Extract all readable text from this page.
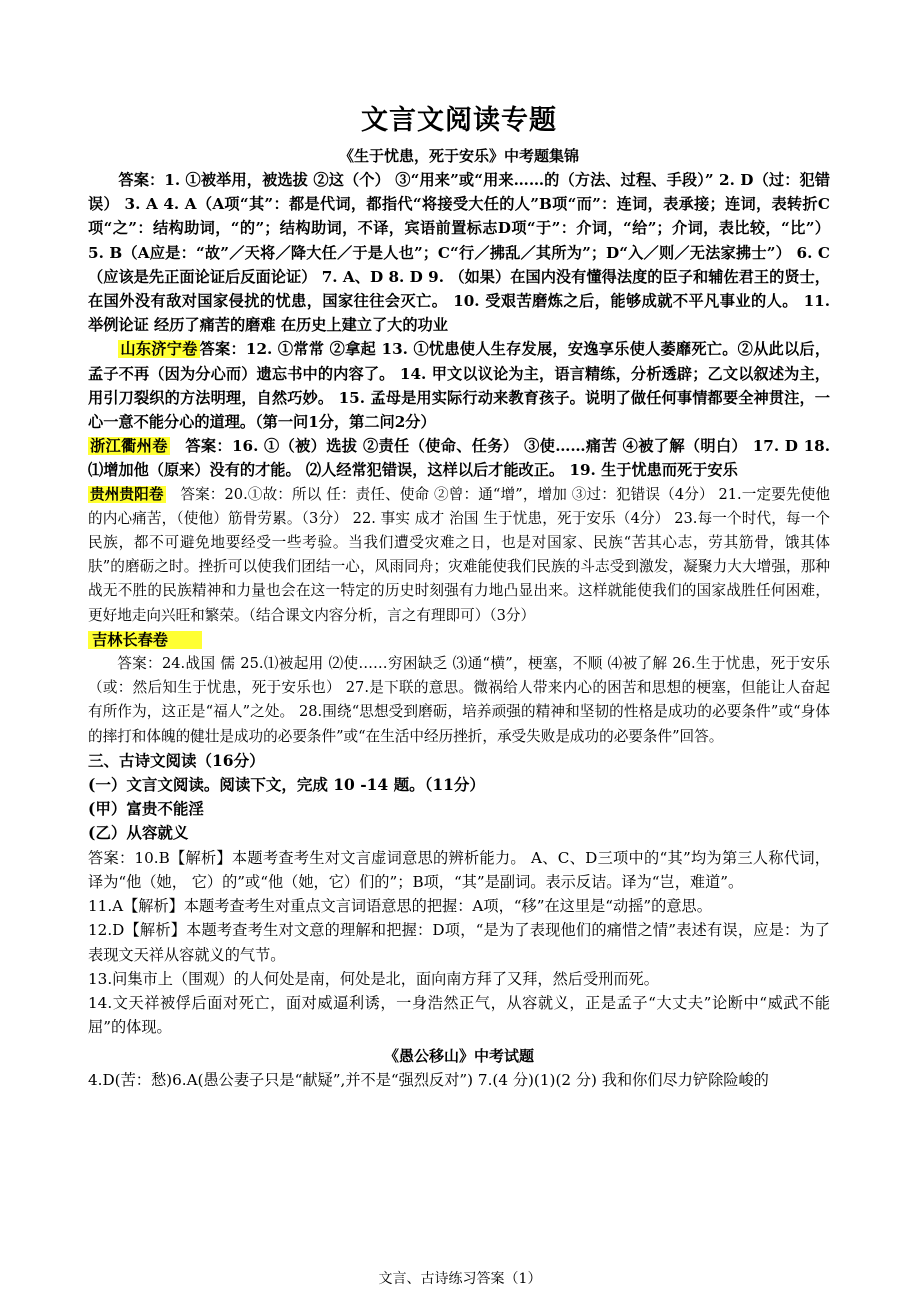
文言文阅读专题
《生于忧患，死于安乐》中考题集锦

答案：1. ①被举用，被选拔 ②这（个） ③“用来”或“用来……的（方法、过程、手段）” 2. D（过：犯错误） 3. A 4. A（A项“其”：都是代词，都指代“将接受大任的人”B项“而”：连词，表承接；连词，表转折C项“之”：结构助词，“的”；结构助词，不译，宾语前置标志D项“于”：介词，“给”；介词，表比较，“比”） 5. B（A应是：“故”／天将／降大任／于是人也”；C“行／拂乱／其所为”；D“入／则／无法家拂士”） 6. C（应该是先正面论证后反面论证） 7. A、D 8. D 9. （如果）在国内没有懂得法度的臣子和辅佐君王的贤士，在国外没有敌对国家侵扰的忧患，国家往往会灭亡。 10. 受艰苦磨炼之后，能够成就不平凡事业的人。 11. 举例论证 经历了痛苦的磨难 在历史上建立了大的功业

山东济宁卷 答案：12. ①常常 ②拿起 13. ①忧患使人生存发展，安逸享乐使人萎靡死亡。②从此以后，孟子不再（因为分心而）遗忘书中的内容了。 14. 甲文以议论为主，语言精练，分析透辟；乙文以叙述为主，用引刀裂织的方法明理，自然巧妙。 15. 孟母是用实际行动来教育孩子。说明了做任何事情都要全神贯注，一心一意不能分心的道理。（第一问1分，第二问2分）

浙江衢州卷　 答案：16. ①（被）选拔 ②责任（使命、任务） ③使……痛苦 ④被了解（明白） 17. D 18. ⑴增加他（原来）没有的才能。 ⑵人经常犯错误，这样以后才能改正。 19. 生于忧患而死于安乐

贵州贵阳卷　 答案：20.①故：所以 任：责任、使命 ②曾：通“增”，增加 ③过：犯错误（4分） 21.一定要先使他的内心痛苦，（使他）筋骨劳累。（3分） 22. 事实 成才 治国 生于忧患，死于安乐（4分） 23.每一个时代，每一个民族，都不可避免地要经受一些考验。当我们遭受灾难之日，也是对国家、民族“苦其心志，劳其筋骨，饿其体肤”的磨砺之时。挫折可以使我们团结一心，风雨同舟；灾难能使我们民族的斗志受到激发，凝聚力大大增强，那种战无不胜的民族精神和力量也会在这一特定的历史时刻强有力地凸显出来。这样就能使我们的国家战胜任何困难，更好地走向兴旺和繁荣。（结合课文内容分析，言之有理即可）（3分）

吉林长春卷

答案：24.战国 儒 25.⑴被起用 ⑵使……穷困缺乏 ⑶通“横”，梗塞，不顺 ⑷被了解 26.生于忧患，死于安乐（或：然后知生于忧患，死于安乐也） 27.是下联的意思。微祸给人带来内心的困苦和思想的梗塞，但能让人奋起有所作为，这正是“福人”之处。 28.围绕“思想受到磨砺，培养顽强的精神和坚韧的性格是成功的必要条件”或“身体的摔打和体魄的健壮是成功的必要条件”或“在生活中经历挫折，承受失败是成功的必要条件”回答。

三、古诗文阅读（16分）

(一）文言文阅读。阅读下文，完成 10 -14 题。（11分）

(甲）富贵不能淫

(乙）从容就义

答案：10.B【解析】本题考查考生对文言虚词意思的辨析能力。 A、C、D三项中的“其”均为第三人称代词，译为“他（她， 它）的”或“他（她，它）们的”；B项，“其”是副词。表示反诘。译为“岂，难道”。

11.A【解析】本题考查考生对重点文言词语意思的把握：A项，“移”在这里是“动摇”的意思。

12.D【解析】本题考查考生对文意的理解和把握：D项，“是为了表现他们的痛惜之情”表述有误，应是：为了表现文天祥从容就义的气节。

13.问集市上（围观）的人何处是南，何处是北，面向南方拜了又拜，然后受刑而死。

14.文天祥被俘后面对死亡，面对威逼利诱，一身浩然正气，从容就义，正是孟子“大丈夫”论断中“威武不能屈”的体现。

《愚公移山》中考试题

4.D(苦：愁)6.A(愚公妻子只是“献疑”,并不是“强烈反对”) 7.(4 分)(1)(2 分) 我和你们尽力铲除险峻的

文言、古诗练习答案（1）
